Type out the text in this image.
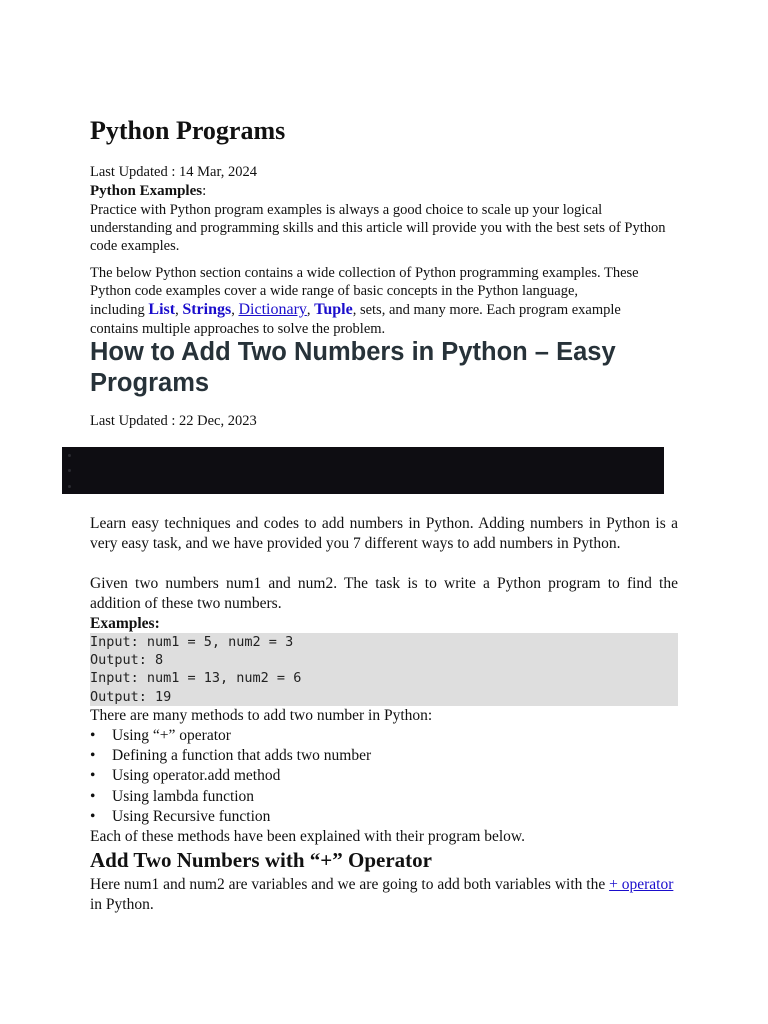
Python Programs

Last Updated : 14 Mar, 2024

Python Examples:

Practice with Python program examples is always a good choice to scale up your logical understanding and programming skills and this article will provide you with the best sets of Python code examples.

The below Python section contains a wide collection of Python programming examples. These

Python code examples cover a wide range of basic concepts in the Python language,

including List, Strings, Dictionary, Tuple, sets, and many more. Each program example

contains multiple approaches to solve the problem.

How to Add Two Numbers in Python – Easy Programs

Last Updated : 22 Dec, 2023

Learn easy techniques and codes to add numbers in Python. Adding numbers in Python is a very easy task, and we have provided you 7 different ways to add numbers in Python.

Given two numbers num1 and num2. The task is to write a Python program to find the addition of these two numbers.

Examples:

Input: num1 = 5, num2 = 3
Output: 8
Input: num1 = 13, num2 = 6
Output: 19

There are many methods to add two number in Python:

• Using “+” operator
• Defining a function that adds two number
• Using operator.add method
• Using lambda function
• Using Recursive function

Each of these methods have been explained with their program below.

Add Two Numbers with “+” Operator

Here num1 and num2 are variables and we are going to add both variables with the + operator in Python.
